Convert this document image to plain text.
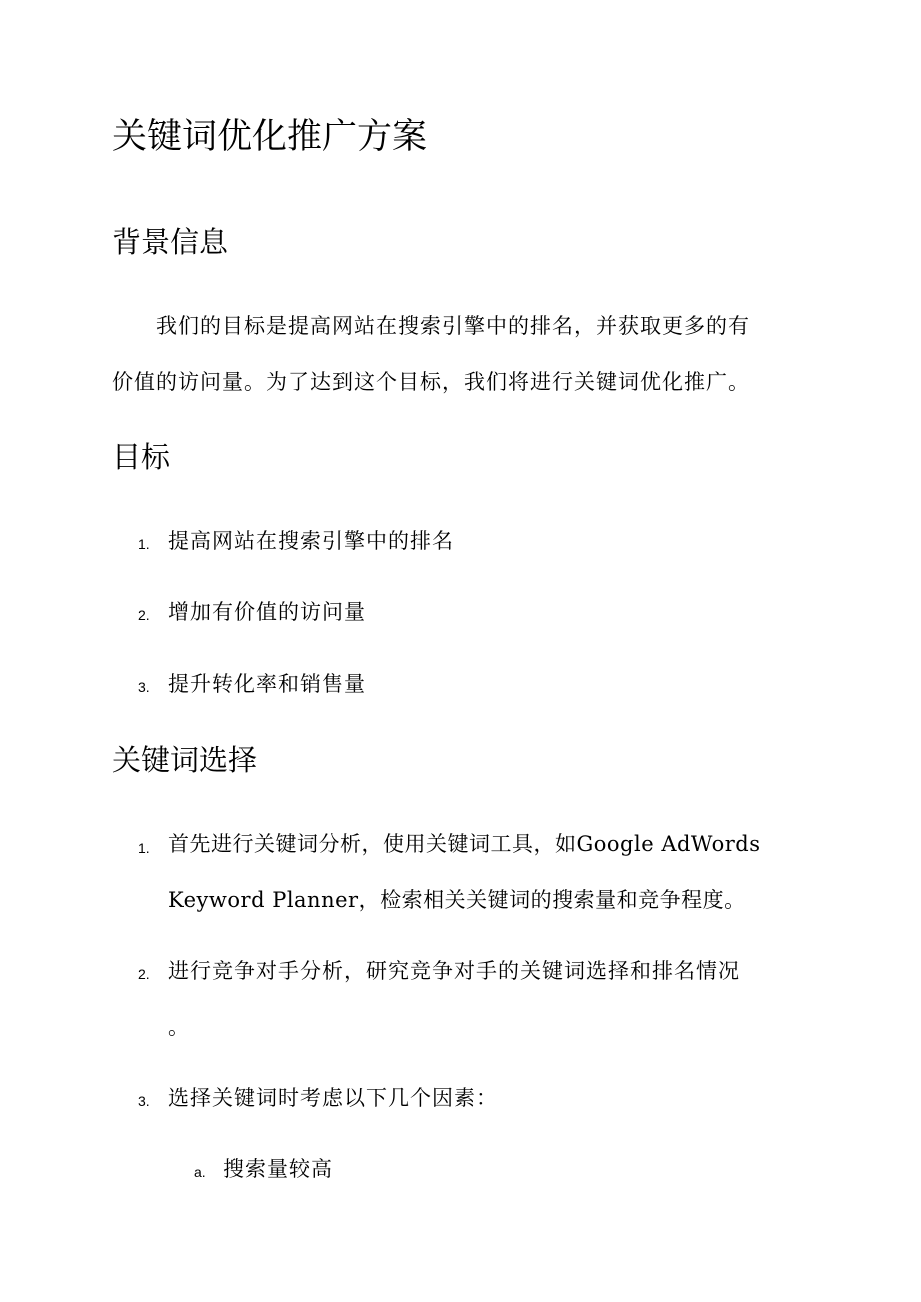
关键词优化推广方案
背景信息

我们的目标是提高网站在搜索引擎中的排名，并获取更多的有

价值的访问量。为了达到这个目标，我们将进行关键词优化推广。

目标
1. 提高网站在搜索引擎中的排名
2. 增加有价值的访问量
3. 提升转化率和销售量
关键词选择
1. 首先进行关键词分析，使用关键词工具，如Google AdWords
Keyword Planner，检索相关关键词的搜索量和竞争程度。
2. 进行竞争对手分析，研究竞争对手的关键词选择和排名情况
。
3. 选择关键词时考虑以下几个因素：
a. 搜索量较高
